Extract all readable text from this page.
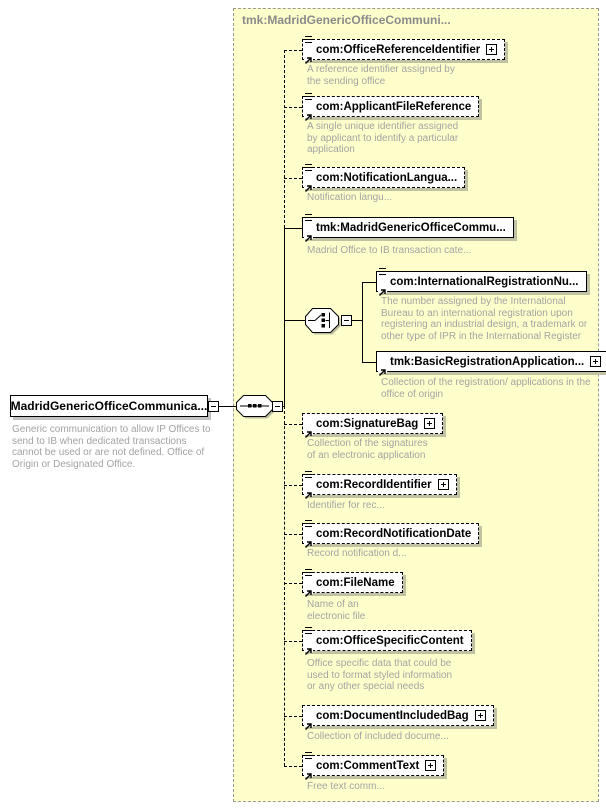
tmk:MadridGenericOfficeCommuni...
MadridGenericOfficeCommunica...
Generic communication to allow IP Offices to
send to IB when dedicated transactions
cannot be used or are not defined. Office of
Origin or Designated Office.
com:OfficeReferenceIdentifier
A reference identifier assigned by
the sending office
com:ApplicantFileReference
A single unique identifier assigned
by applicant to identify a particular
application
com:NotificationLangua...
Notification langu...
tmk:MadridGenericOfficeCommu...
Madrid Office to IB transaction cate...
com:InternationalRegistrationNu...
The number assigned by the International
Bureau to an international registration upon
registering an industrial design, a trademark or
other type of IPR in the International Register
tmk:BasicRegistrationApplication...
Collection of the registration/ applications in the
office of origin
com:SignatureBag
Collection of the signatures
of an electronic application
com:RecordIdentifier
Identifier for rec...
com:RecordNotificationDate
Record notification d...
com:FileName
Name of an
electronic file
com:OfficeSpecificContent
Office specific data that could be
used to format styled information
or any other special needs
com:DocumentIncludedBag
Collection of included docume...
com:CommentText
Free text comm...
